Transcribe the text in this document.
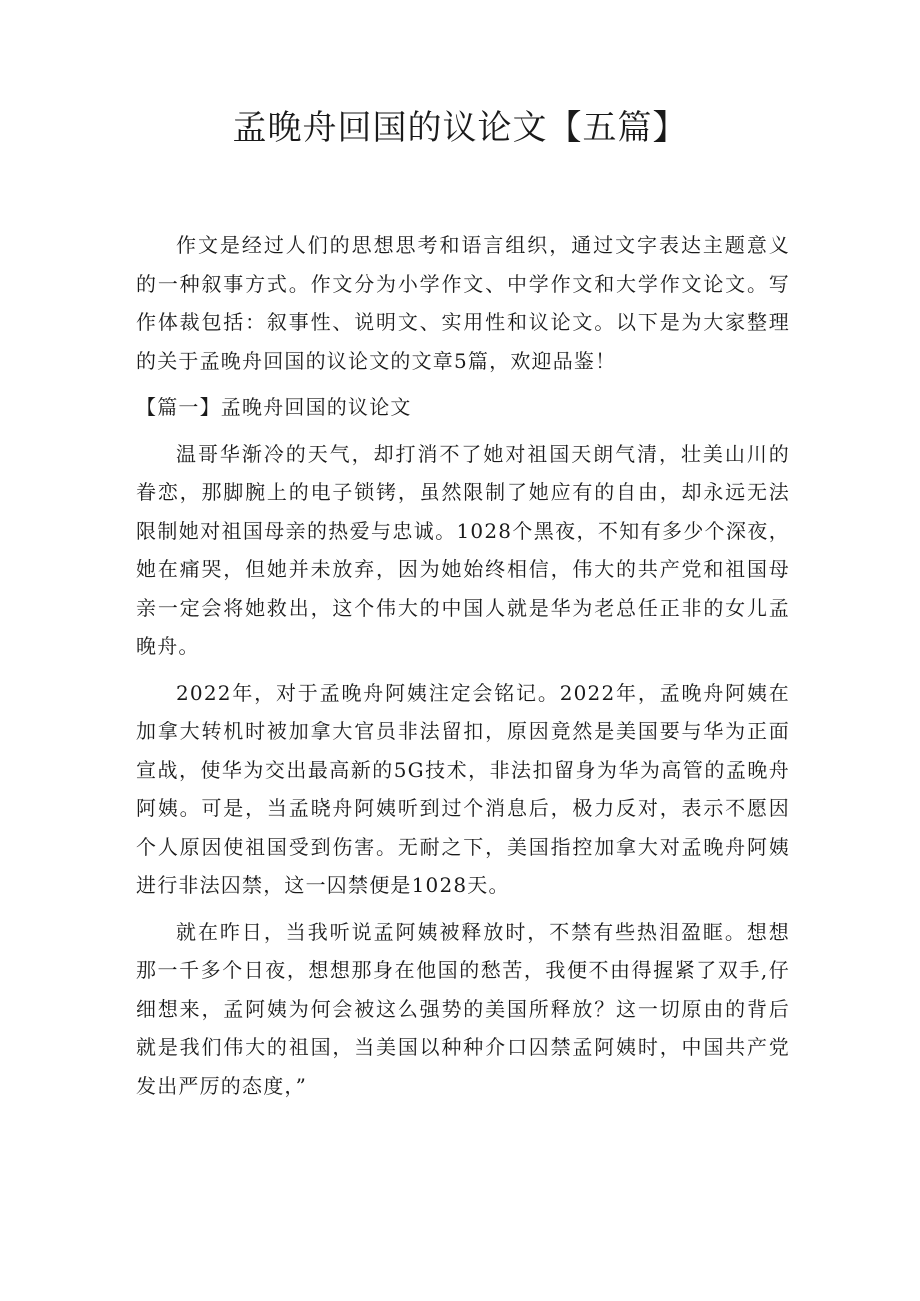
孟晚舟回国的议论文【五篇】

作文是经过人们的思想思考和语言组织，通过文字表达主题意义的一种叙事方式。作文分为小学作文、中学作文和大学作文论文。写作体裁包括：叙事性、说明文、实用性和议论文。以下是为大家整理的关于孟晚舟回国的议论文的文章5篇，欢迎品鉴！

【篇一】孟晚舟回国的议论文

温哥华渐冷的天气，却打消不了她对祖国天朗气清，壮美山川的眷恋，那脚腕上的电子锁铐，虽然限制了她应有的自由，却永远无法限制她对祖国母亲的热爱与忠诚。1028个黑夜，不知有多少个深夜，她在痛哭，但她并未放弃，因为她始终相信，伟大的共产党和祖国母亲一定会将她救出，这个伟大的中国人就是华为老总任正非的女儿孟晚舟。

2022年，对于孟晚舟阿姨注定会铭记。2022年，孟晚舟阿姨在加拿大转机时被加拿大官员非法留扣，原因竟然是美国要与华为正面宣战，使华为交出最高新的5G技术，非法扣留身为华为高管的孟晚舟阿姨。可是，当孟晓舟阿姨听到过个消息后，极力反对，表示不愿因个人原因使祖国受到伤害。无耐之下，美国指控加拿大对孟晚舟阿姨进行非法囚禁，这一囚禁便是1028天。

就在昨日，当我听说孟阿姨被释放时，不禁有些热泪盈眶。想想那一千多个日夜，想想那身在他国的愁苦，我便不由得握紧了双手,仔细想来，孟阿姨为何会被这么强势的美国所释放？这一切原由的背后就是我们伟大的祖国，当美国以种种介口囚禁孟阿姨时，中国共产党发出严厉的态度，”
